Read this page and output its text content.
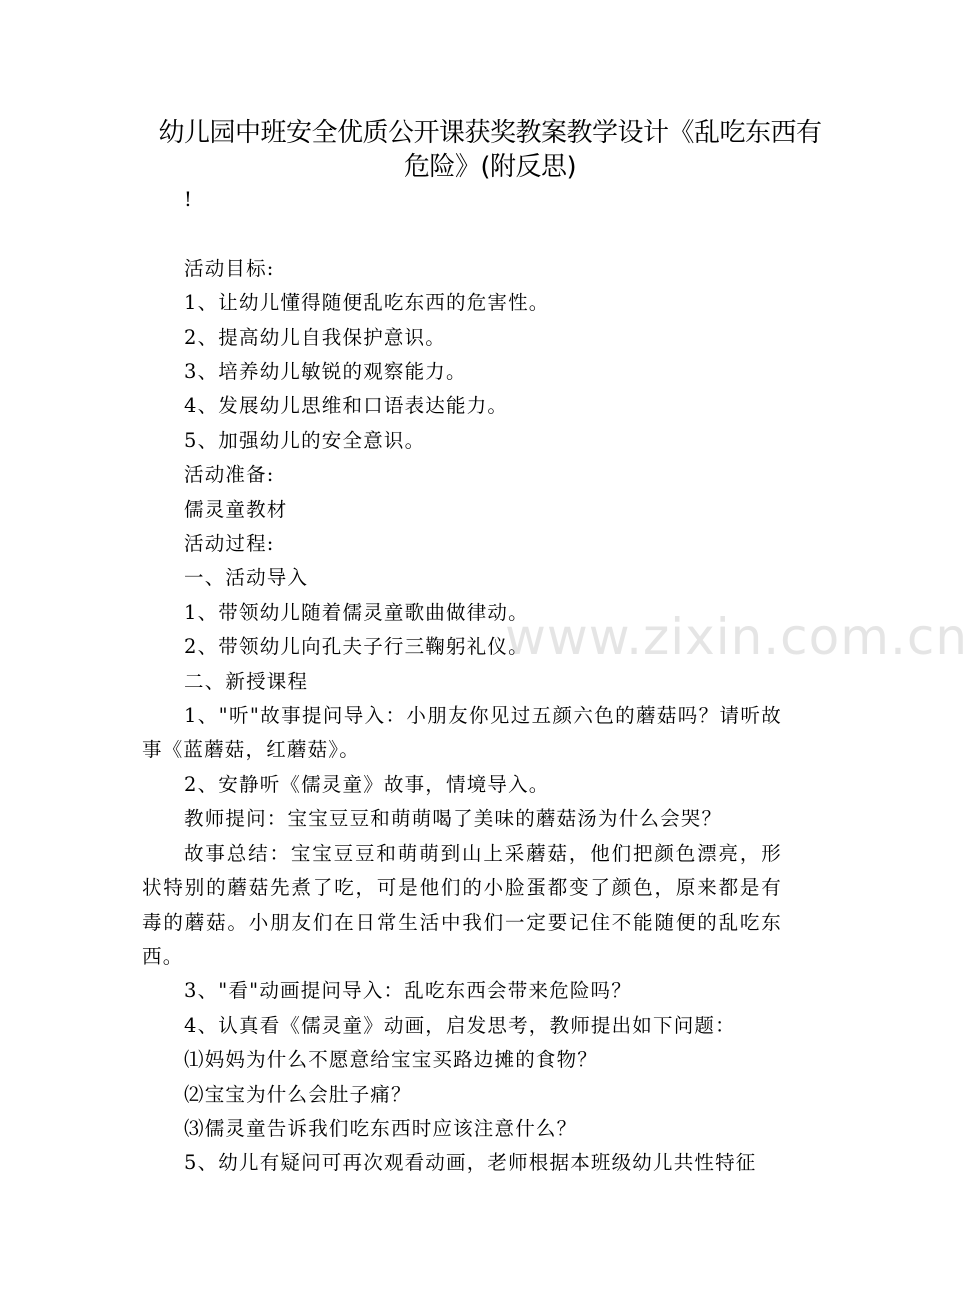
幼儿园中班安全优质公开课获奖教案教学设计《乱吃东西有危险》(附反思)
www.zixin.com.cn

!

活动目标:

1、让幼儿懂得随便乱吃东西的危害性。

2、提高幼儿自我保护意识。

3、培养幼儿敏锐的观察能力。

4、发展幼儿思维和口语表达能力。

5、加强幼儿的安全意识。

活动准备:

儒灵童教材

活动过程:

一、活动导入

1、带领幼儿随着儒灵童歌曲做律动。

2、带领幼儿向孔夫子行三鞠躬礼仪。

二、新授课程

1、"听"故事提问导入：小朋友你见过五颜六色的蘑菇吗？请听故事《蓝蘑菇，红蘑菇》。

2、安静听《儒灵童》故事，情境导入。

教师提问：宝宝豆豆和萌萌喝了美味的蘑菇汤为什么会哭？

故事总结：宝宝豆豆和萌萌到山上采蘑菇，他们把颜色漂亮，形状特别的蘑菇先煮了吃，可是他们的小脸蛋都变了颜色，原来都是有毒的蘑菇。小朋友们在日常生活中我们一定要记住不能随便的乱吃东西。

3、"看"动画提问导入：乱吃东西会带来危险吗？

4、认真看《儒灵童》动画，启发思考，教师提出如下问题：

⑴妈妈为什么不愿意给宝宝买路边摊的食物？

⑵宝宝为什么会肚子痛？

⑶儒灵童告诉我们吃东西时应该注意什么？

5、幼儿有疑问可再次观看动画，老师根据本班级幼儿共性特征
